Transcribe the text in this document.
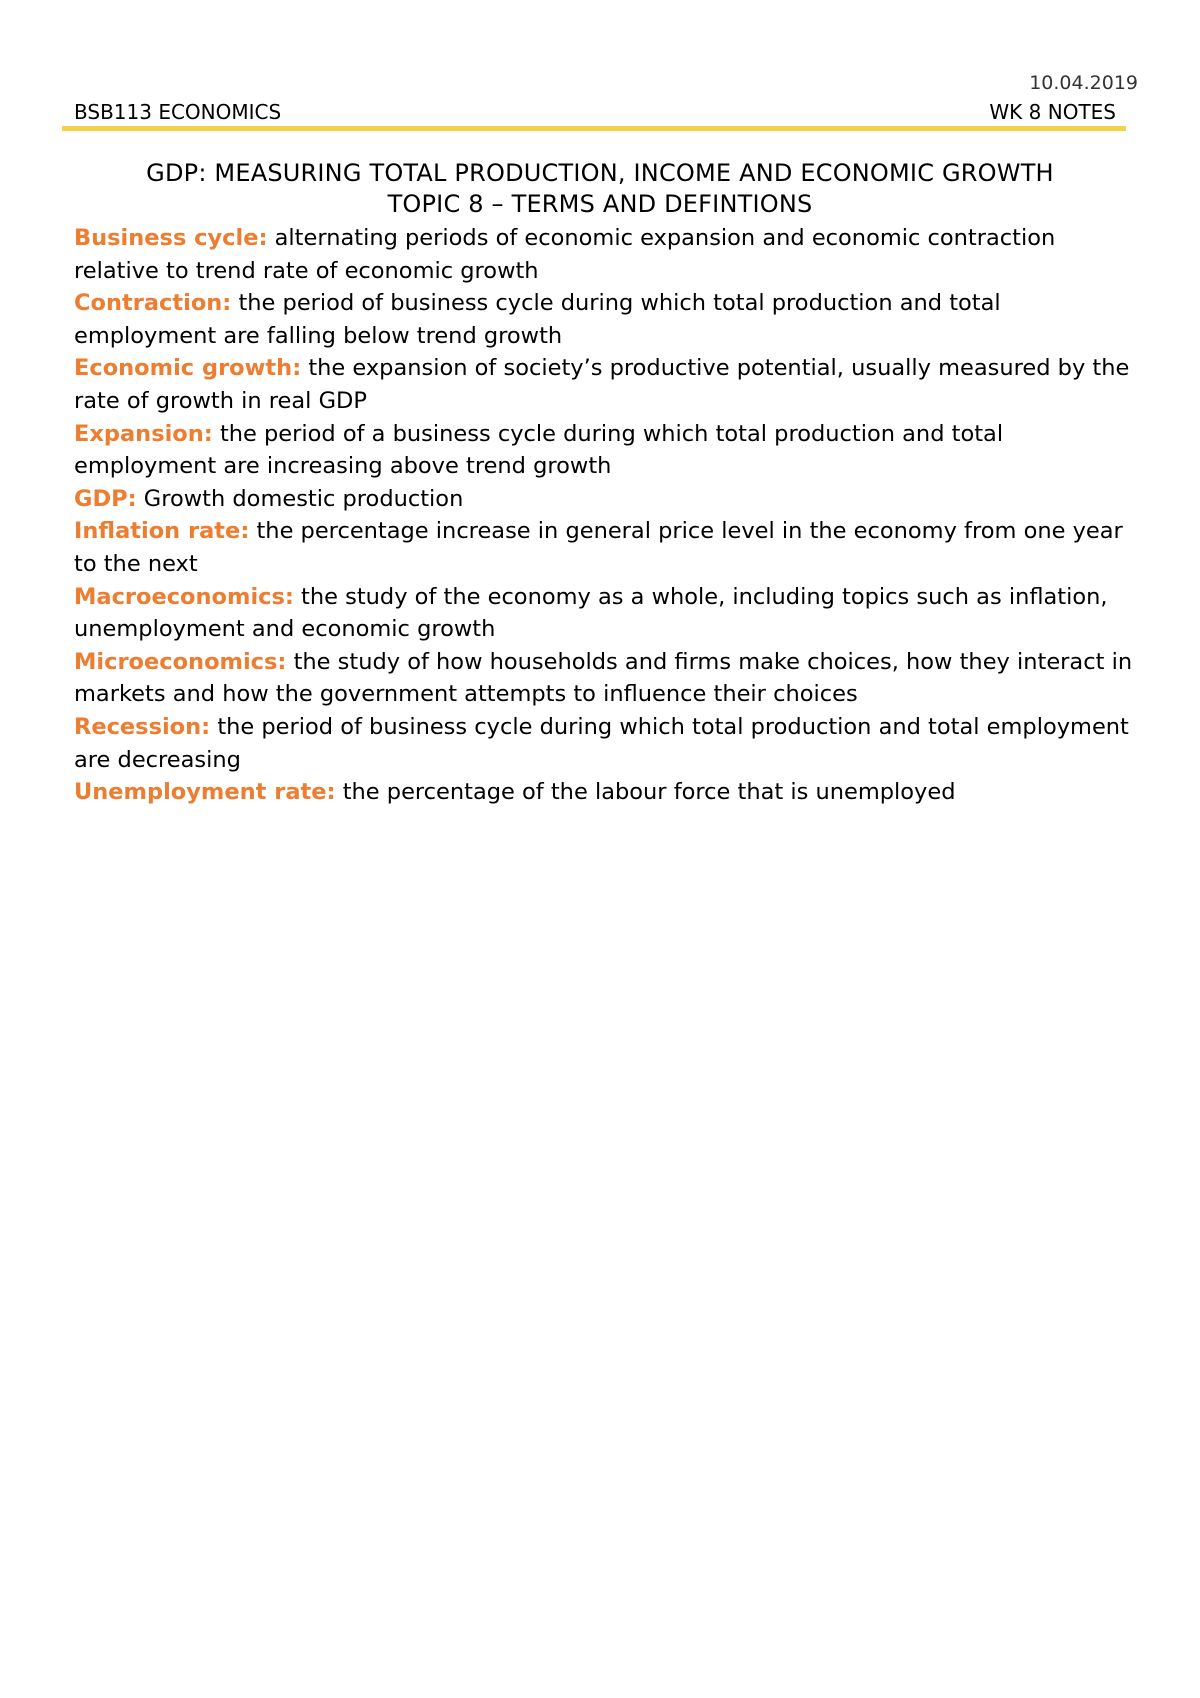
10.04.2019
BSB113 ECONOMICS	WK 8 NOTES
GDP: MEASURING TOTAL PRODUCTION, INCOME AND ECONOMIC GROWTH
TOPIC 8 – TERMS AND DEFINTIONS

Business cycle: alternating periods of economic expansion and economic contraction relative to trend rate of economic growth

Contraction: the period of business cycle during which total production and total employment are falling below trend growth

Economic growth: the expansion of society’s productive potential, usually measured by the rate of growth in real GDP

Expansion: the period of a business cycle during which total production and total employment are increasing above trend growth

GDP: Growth domestic production

Inflation rate: the percentage increase in general price level in the economy from one year to the next

Macroeconomics: the study of the economy as a whole, including topics such as inflation, unemployment and economic growth

Microeconomics: the study of how households and firms make choices, how they interact in markets and how the government attempts to influence their choices

Recession: the period of business cycle during which total production and total employment are decreasing

Unemployment rate: the percentage of the labour force that is unemployed
